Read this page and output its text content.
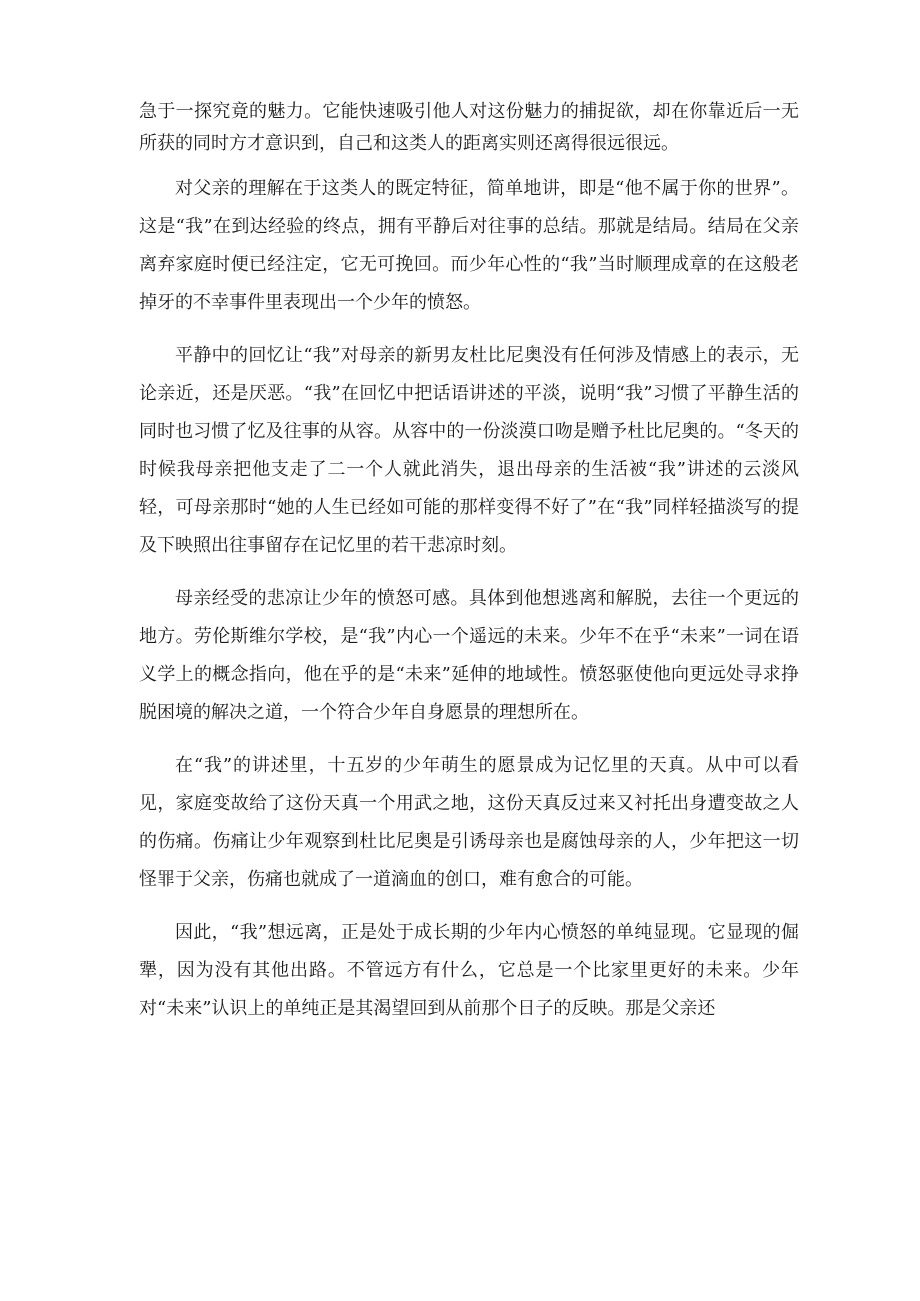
急于一探究竟的魅力。它能快速吸引他人对这份魅力的捕捉欲，却在你靠近后一无所获的同时方才意识到，自己和这类人的距离实则还离得很远很远。

对父亲的理解在于这类人的既定特征，简单地讲，即是“他不属于你的世界”。这是“我”在到达经验的终点，拥有平静后对往事的总结。那就是结局。结局在父亲离弃家庭时便已经注定，它无可挽回。而少年心性的“我”当时顺理成章的在这般老掉牙的不幸事件里表现出一个少年的愤怒。

平静中的回忆让“我”对母亲的新男友杜比尼奥没有任何涉及情感上的表示，无论亲近，还是厌恶。“我”在回忆中把话语讲述的平淡，说明“我”习惯了平静生活的同时也习惯了忆及往事的从容。从容中的一份淡漠口吻是赠予杜比尼奥的。“冬天的时候我母亲把他支走了二一个人就此消失，退出母亲的生活被“我”讲述的云淡风轻，可母亲那时“她的人生已经如可能的那样变得不好了”在“我”同样轻描淡写的提及下映照出往事留存在记忆里的若干悲凉时刻。

母亲经受的悲凉让少年的愤怒可感。具体到他想逃离和解脱，去往一个更远的地方。劳伦斯维尔学校，是“我”内心一个遥远的未来。少年不在乎“未来”一词在语义学上的概念指向，他在乎的是“未来”延伸的地域性。愤怒驱使他向更远处寻求挣脱困境的解决之道，一个符合少年自身愿景的理想所在。

在“我”的讲述里，十五岁的少年萌生的愿景成为记忆里的天真。从中可以看见，家庭变故给了这份天真一个用武之地，这份天真反过来又衬托出身遭变故之人的伤痛。伤痛让少年观察到杜比尼奥是引诱母亲也是腐蚀母亲的人，少年把这一切怪罪于父亲，伤痛也就成了一道滴血的创口，难有愈合的可能。

因此，“我”想远离，正是处于成长期的少年内心愤怒的单纯显现。它显现的倔犟，因为没有其他出路。不管远方有什么，它总是一个比家里更好的未来。少年对“未来”认识上的单纯正是其渴望回到从前那个日子的反映。那是父亲还
